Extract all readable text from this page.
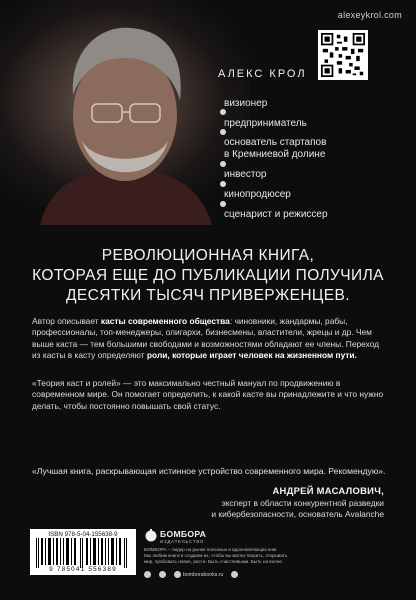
alexeykrol.com
АЛЕКС КРОЛ
визионер
предприниматель
основатель стартапов
в Кремниевой долине
инвестор
кинопродюсер
сценарист и режиссер
РЕВОЛЮЦИОННАЯ КНИГА,
КОТОРАЯ ЕЩЕ ДО ПУБЛИКАЦИИ ПОЛУЧИЛА
ДЕСЯТКИ ТЫСЯЧ ПРИВЕРЖЕНЦЕВ.
Автор описывает касты современного общества: чиновники, жандармы, рабы, профессионалы, топ-менеджеры, олигархи, бизнесмены, властители, жрецы и др. Чем выше каста — тем большими свободами и возможностями обладают ее члены. Переход из касты в касту определяют роли, которые играет человек на жизненном пути.
«Теория каст и ролей» — это максимально честный мануал по продвижению в современном мире. Он помогает определить, к какой касте вы принадлежите и что нужно делать, чтобы постоянно повышать свой статус.
«Лучшая книга, раскрывающая истинное устройство современного мира. Рекомендую».
АНДРЕЙ МАСАЛОВИЧ,
эксперт в области конкурентной разведки
и кибербезопасности, основатель Avalanche
ISBN 978-5-04-155638-9
9 785041 556389
БОМБОРА
ИЗДАТЕЛЬСТВО
БОМБОРА – лидер на рынке полезных и вдохновляющих книг.
Мы любим книги и создаем их, чтобы вы могли творить, открывать
мир, пробовать новое, расти. Быть счастливыми. Быть на волне.
bomborabooks.ru
